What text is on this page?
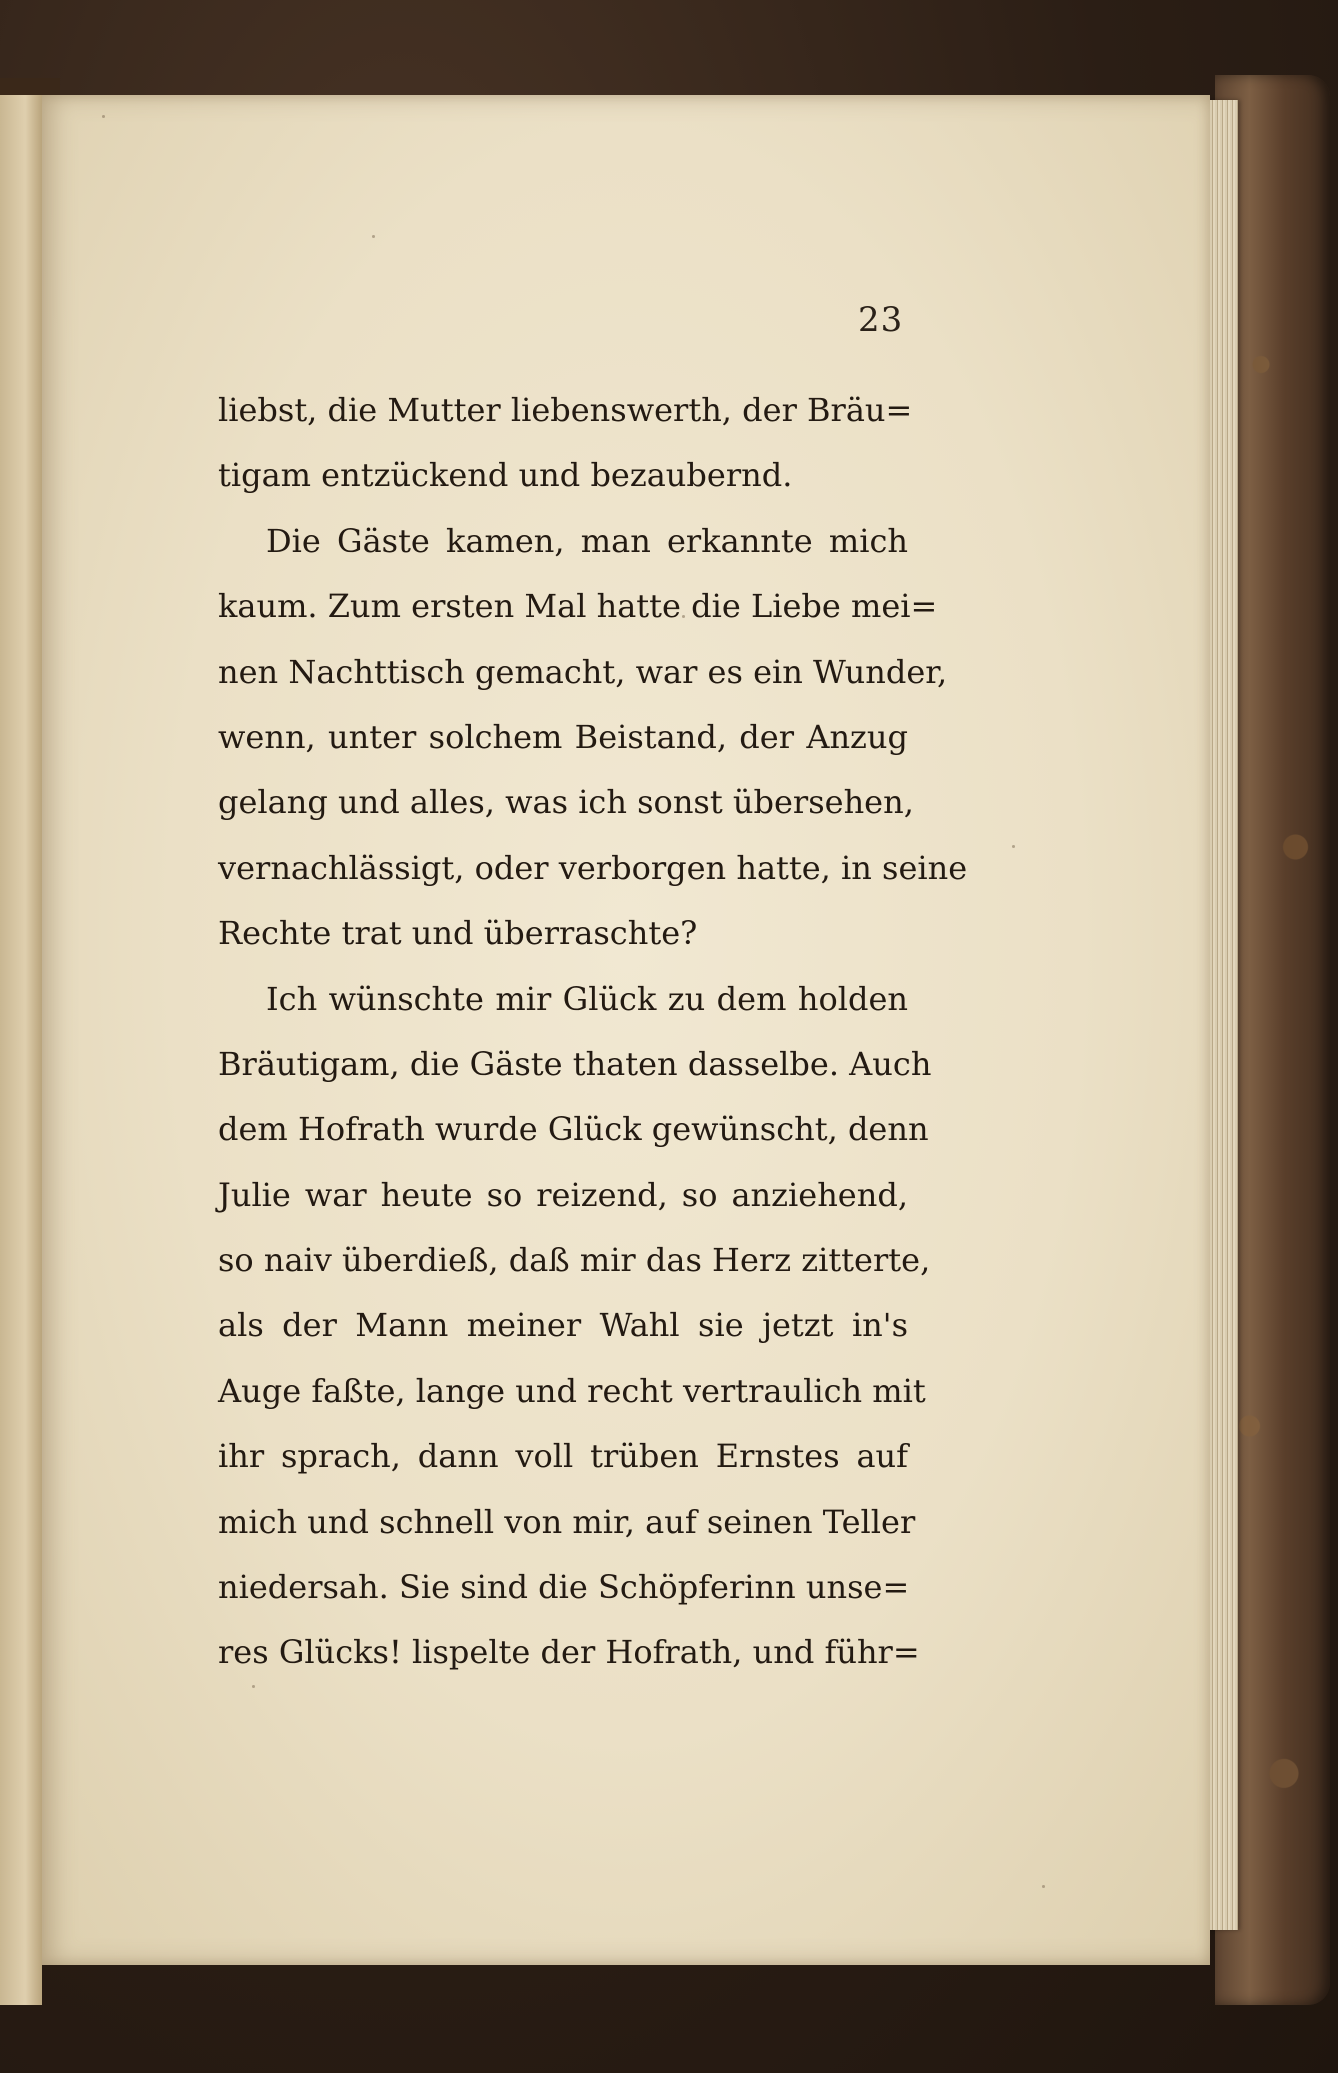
23
liebst, die Mutter liebenswerth, der Bräu=
tigam entzückend und bezaubernd.
Die Gäste kamen, man erkannte mich
kaum. Zum ersten Mal hatte die Liebe mei=
nen Nachttisch gemacht, war es ein Wunder,
wenn, unter solchem Beistand, der Anzug
gelang und alles, was ich sonst übersehen,
vernachlässigt, oder verborgen hatte, in seine
Rechte trat und überraschte?
Ich wünschte mir Glück zu dem holden
Bräutigam, die Gäste thaten dasselbe. Auch
dem Hofrath wurde Glück gewünscht, denn
Julie war heute so reizend, so anziehend,
so naiv überdieß, daß mir das Herz zitterte,
als der Mann meiner Wahl sie jetzt in's
Auge faßte, lange und recht vertraulich mit
ihr sprach, dann voll trüben Ernstes auf
mich und schnell von mir, auf seinen Teller
niedersah. Sie sind die Schöpferinn unse=
res Glücks! lispelte der Hofrath, und führ=
